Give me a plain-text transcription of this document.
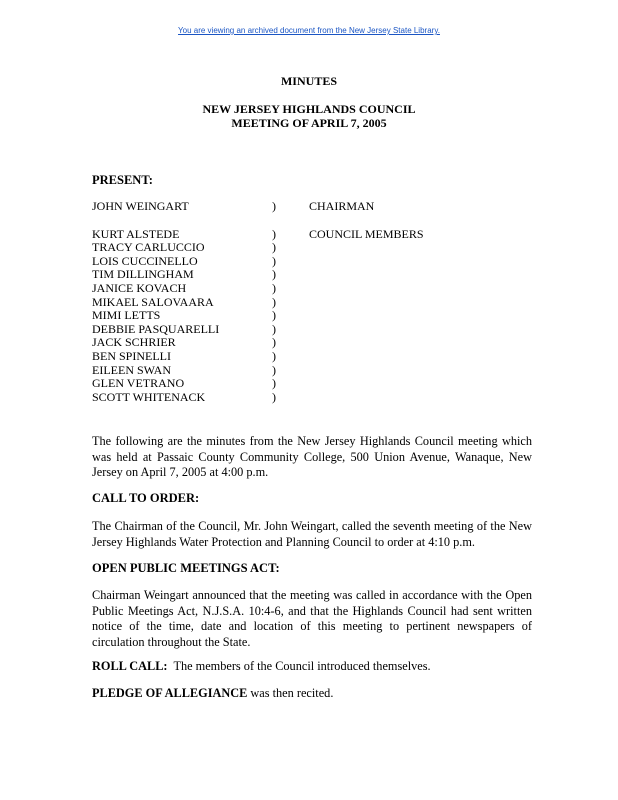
You are viewing an archived document from the New Jersey State Library.
MINUTES
NEW JERSEY HIGHLANDS COUNCIL
MEETING OF APRIL 7, 2005
PRESENT:
JOHN WEINGART	)	CHAIRMAN
KURT ALSTEDE	)	COUNCIL MEMBERS
TRACY CARLUCCIO	)
LOIS CUCCINELLO	)
TIM DILLINGHAM	)
JANICE KOVACH	)
MIKAEL SALOVAARA	)
MIMI LETTS	)
DEBBIE PASQUARELLI	)
JACK SCHRIER	)
BEN SPINELLI	)
EILEEN SWAN	)
GLEN VETRANO	)
SCOTT WHITENACK	)
The following are the minutes from the New Jersey Highlands Council meeting which was held at Passaic County Community College, 500 Union Avenue, Wanaque, New Jersey on April 7, 2005 at 4:00 p.m.
CALL TO ORDER:
The Chairman of the Council, Mr. John Weingart, called the seventh meeting of the New Jersey Highlands Water Protection and Planning Council to order at 4:10 p.m.
OPEN PUBLIC MEETINGS ACT:
Chairman Weingart announced that the meeting was called in accordance with the Open Public Meetings Act, N.J.S.A. 10:4-6, and that the Highlands Council had sent written notice of the time, date and location of this meeting to pertinent newspapers of circulation throughout the State.
ROLL CALL: The members of the Council introduced themselves.
PLEDGE OF ALLEGIANCE was then recited.
